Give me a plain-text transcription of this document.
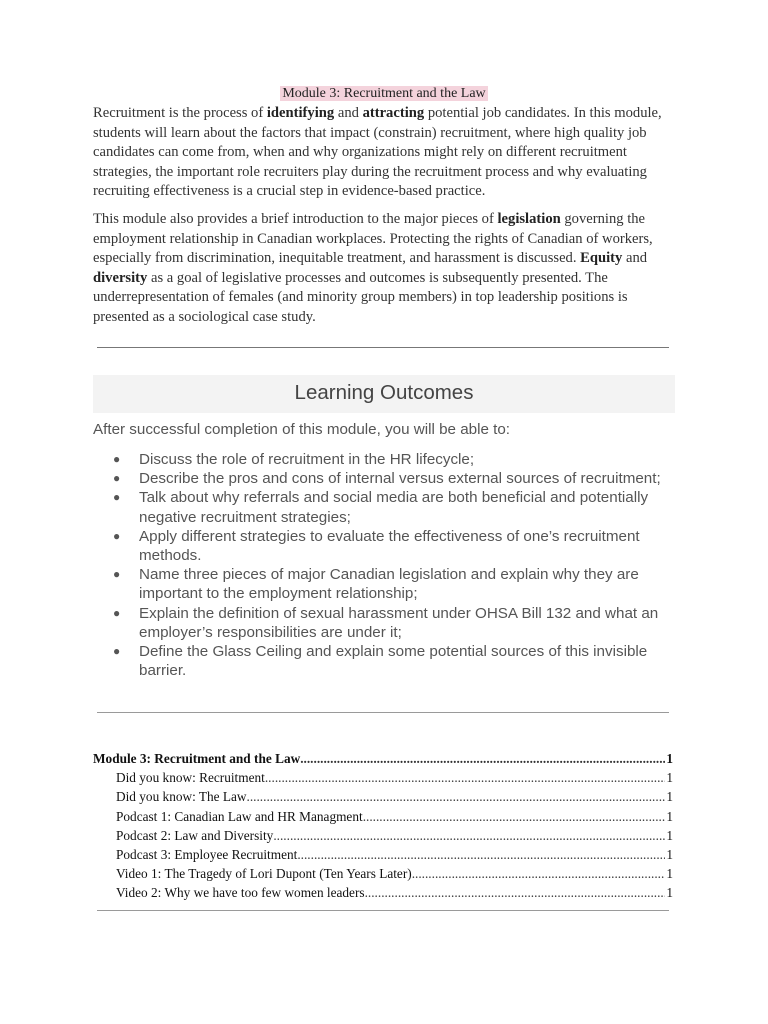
Module 3: Recruitment and the Law

Recruitment is the process of identifying and attracting potential job candidates. In this module, students will learn about the factors that impact (constrain) recruitment, where high quality job candidates can come from, when and why organizations might rely on different recruitment strategies, the important role recruiters play during the recruitment process and why evaluating recruiting effectiveness is a crucial step in evidence-based practice.

This module also provides a brief introduction to the major pieces of legislation governing the employment relationship in Canadian workplaces. Protecting the rights of Canadian of workers, especially from discrimination, inequitable treatment, and harassment is discussed. Equity and diversity as a goal of legislative processes and outcomes is subsequently presented. The underrepresentation of females (and minority group members) in top leadership positions is presented as a sociological case study.

Learning Outcomes
After successful completion of this module, you will be able to:
● Discuss the role of recruitment in the HR lifecycle;
● Describe the pros and cons of internal versus external sources of recruitment;
● Talk about why referrals and social media are both beneficial and potentially negative recruitment strategies;
● Apply different strategies to evaluate the effectiveness of one’s recruitment methods.
● Name three pieces of major Canadian legislation and explain why they are important to the employment relationship;
● Explain the definition of sexual harassment under OHSA Bill 132 and what an employer’s responsibilities are under it;
● Define the Glass Ceiling and explain some potential sources of this invisible barrier.
Module 3: Recruitment and the Law .....	1
Did you know: Recruitment .....	1
Did you know: The Law .....	1
Podcast 1: Canadian Law and HR Managment .....	1
Podcast 2: Law and Diversity .....	1
Podcast 3: Employee Recruitment .....	1
Video 1: The Tragedy of Lori Dupont (Ten Years Later) .....	1
Video 2: Why we have too few women leaders .....	1
